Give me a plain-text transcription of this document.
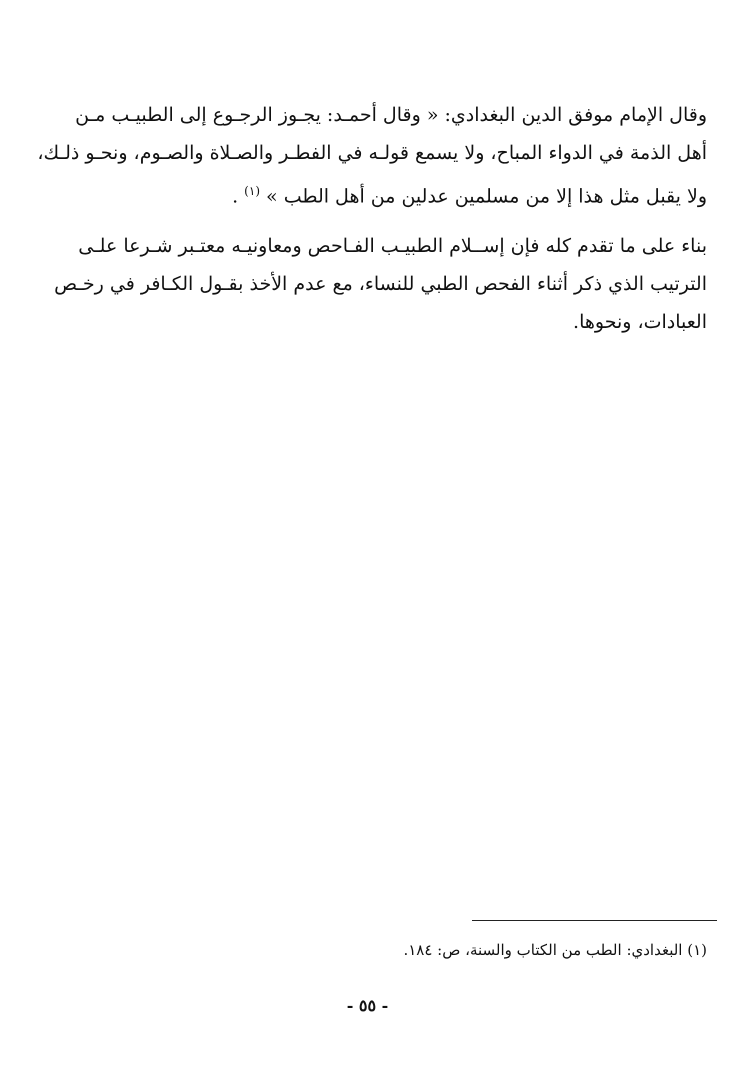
وقال الإمام موفق الدين البغدادي: « وقال أحمـد: يجـوز الرجـوع إلى الطبيـب مـن
أهل الذمة في الدواء المباح، ولا يسمع قولـه في الفطـر والصـلاة والصـوم، ونحـو ذلـك،
ولا يقبل مثل هذا إلا من مسلمين عدلين من أهل الطب » $^{(١)}$ .
بناء على ما تقدم كله فإن إســلام الطبيـب الفـاحص ومعاونيـه معتـبر شـرعا علـى
الترتيب الذي ذكر أثناء الفحص الطبي للنساء، مع عدم الأخذ بقـول الكـافر في رخـص
العبادات، ونحوها.
(١) البغدادي: الطب من الكتاب والسنة، ص: ١٨٤.
- ٥٥ -
